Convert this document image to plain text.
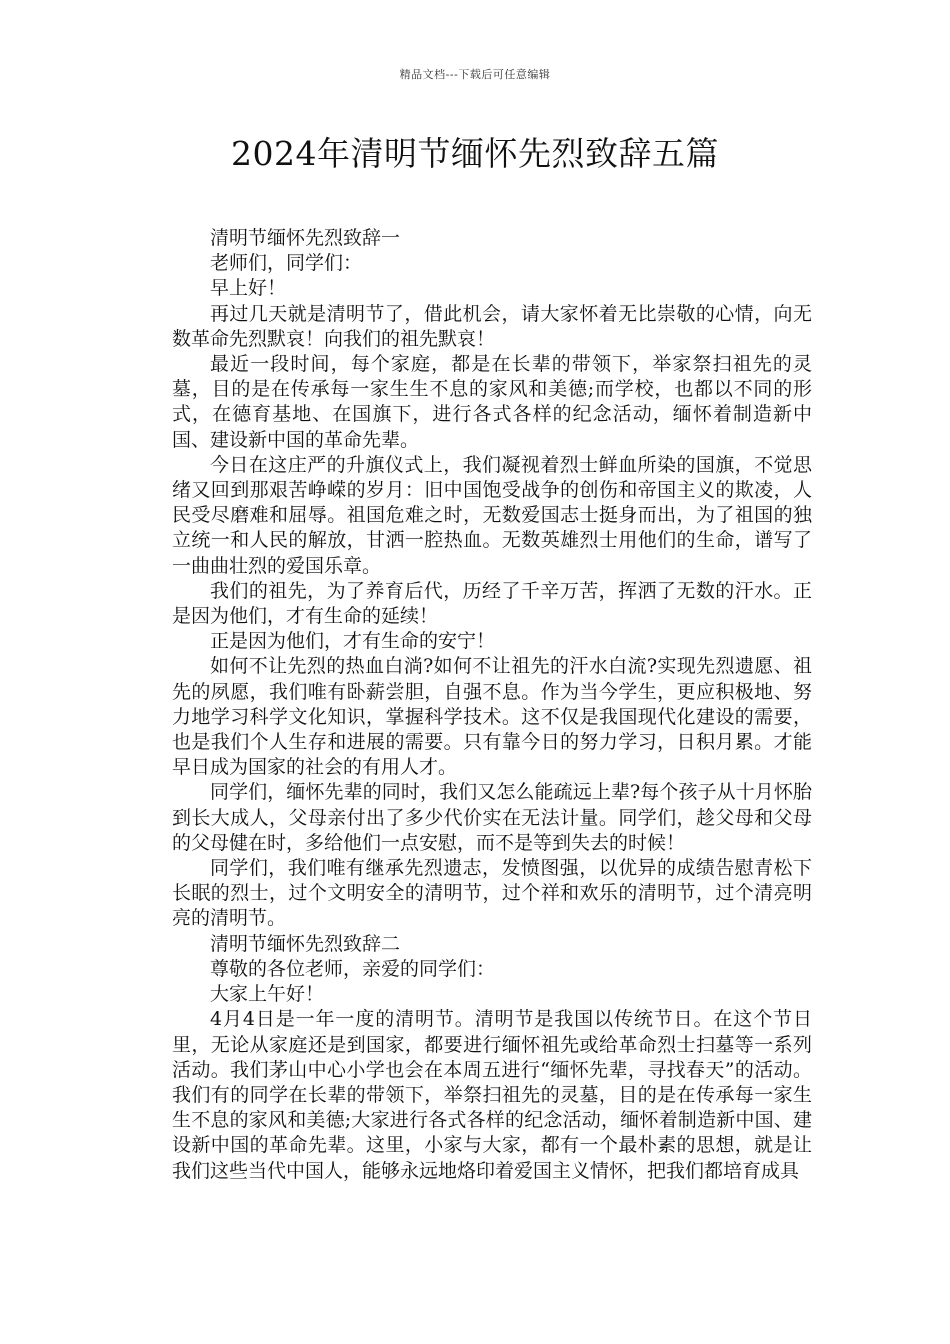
精品文档---下载后可任意编辑
2024年清明节缅怀先烈致辞五篇

清明节缅怀先烈致辞一

老师们，同学们：

早上好！

再过几天就是清明节了，借此机会，请大家怀着无比崇敬的心情，向无数革命先烈默哀！向我们的祖先默哀！

最近一段时间，每个家庭，都是在长辈的带领下，举家祭扫祖先的灵墓，目的是在传承每一家生生不息的家风和美德;而学校，也都以不同的形式，在德育基地、在国旗下，进行各式各样的纪念活动，缅怀着制造新中国、建设新中国的革命先辈。

今日在这庄严的升旗仪式上，我们凝视着烈士鲜血所染的国旗，不觉思绪又回到那艰苦峥嵘的岁月：旧中国饱受战争的创伤和帝国主义的欺凌，人民受尽磨难和屈辱。祖国危难之时，无数爱国志士挺身而出，为了祖国的独立统一和人民的解放，甘洒一腔热血。无数英雄烈士用他们的生命，谱写了一曲曲壮烈的爱国乐章。

我们的祖先，为了养育后代，历经了千辛万苦，挥洒了无数的汗水。正是因为他们，才有生命的延续！

正是因为他们，才有生命的安宁！

如何不让先烈的热血白淌?如何不让祖先的汗水白流?实现先烈遗愿、祖先的夙愿，我们唯有卧薪尝胆，自强不息。作为当今学生，更应积极地、努力地学习科学文化知识，掌握科学技术。这不仅是我国现代化建设的需要，也是我们个人生存和进展的需要。只有靠今日的努力学习，日积月累。才能早日成为国家的社会的有用人才。

同学们，缅怀先辈的同时，我们又怎么能疏远上辈?每个孩子从十月怀胎到长大成人，父母亲付出了多少代价实在无法计量。同学们，趁父母和父母的父母健在时，多给他们一点安慰，而不是等到失去的时候！

同学们，我们唯有继承先烈遗志，发愤图强，以优异的成绩告慰青松下长眠的烈士，过个文明安全的清明节，过个祥和欢乐的清明节，过个清亮明亮的清明节。

清明节缅怀先烈致辞二

尊敬的各位老师，亲爱的同学们：

大家上午好！

4月4日是一年一度的清明节。清明节是我国以传统节日。在这个节日里，无论从家庭还是到国家，都要进行缅怀祖先或给革命烈士扫墓等一系列活动。我们茅山中心小学也会在本周五进行“缅怀先辈，寻找春天”的活动。我们有的同学在长辈的带领下，举祭扫祖先的灵墓，目的是在传承每一家生生不息的家风和美德;大家进行各式各样的纪念活动，缅怀着制造新中国、建设新中国的革命先辈。这里，小家与大家，都有一个最朴素的思想，就是让我们这些当代中国人，能够永远地烙印着爱国主义情怀，把我们都培育成具
